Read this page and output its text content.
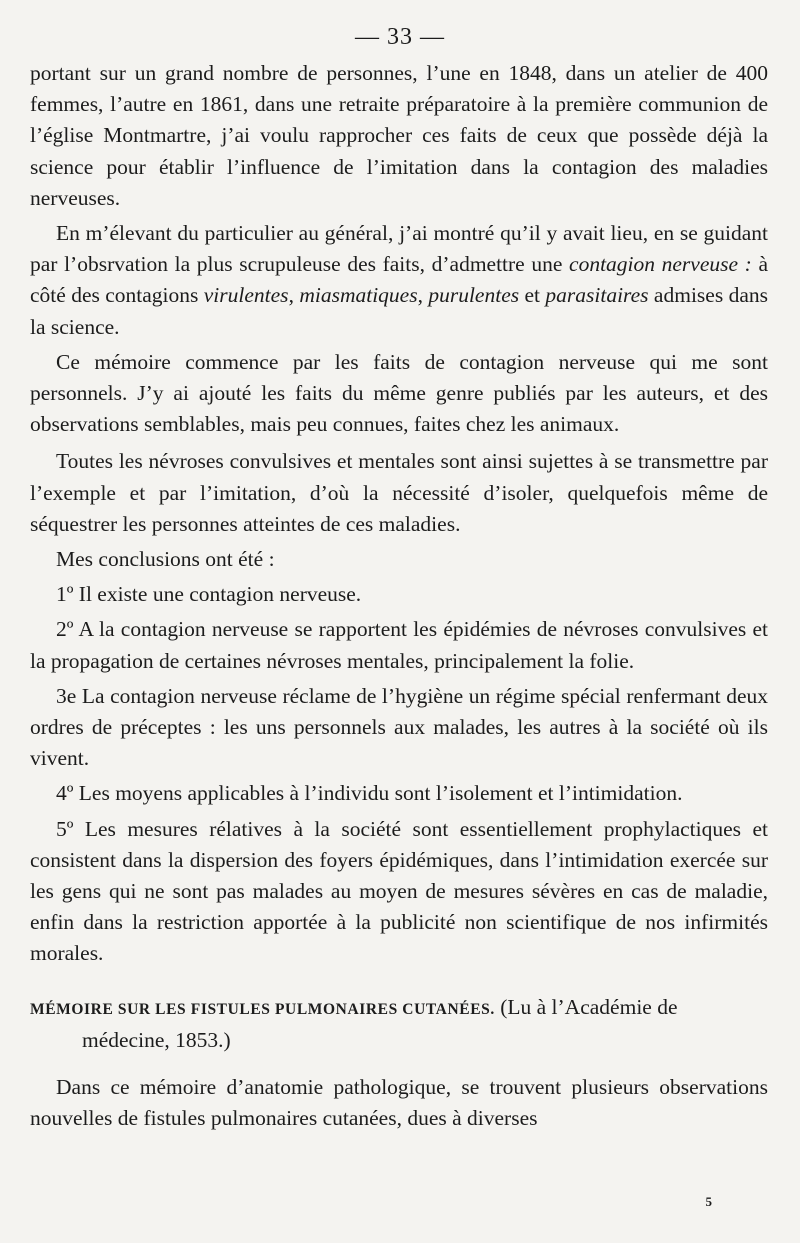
— 33 —

portant sur un grand nombre de personnes, l’une en 1848, dans un atelier de 400 femmes, l’autre en 1861, dans une retraite préparatoire à la première communion de l’église Montmartre, j’ai voulu rapprocher ces faits de ceux que possède déjà la science pour établir l’influence de l’imitation dans la contagion des maladies nerveuses.

En m’élevant du particulier au général, j’ai montré qu’il y avait lieu, en se guidant par l’obsrvation la plus scrupuleuse des faits, d’admettre une contagion nerveuse : à côté des contagions virulentes, miasmatiques, purulentes et parasitaires admises dans la science.

Ce mémoire commence par les faits de contagion nerveuse qui me sont personnels. J’y ai ajouté les faits du même genre publiés par les auteurs, et des observations semblables, mais peu connues, faites chez les animaux.

Toutes les névroses convulsives et mentales sont ainsi sujettes à se transmettre par l’exemple et par l’imitation, d’où la nécessité d’isoler, quelquefois même de séquestrer les personnes atteintes de ces maladies.

Mes conclusions ont été :

1º Il existe une contagion nerveuse.

2º A la contagion nerveuse se rapportent les épidémies de névroses convulsives et la propagation de certaines névroses mentales, principalement la folie.

3e La contagion nerveuse réclame de l’hygiène un régime spécial renfermant deux ordres de préceptes : les uns personnels aux malades, les autres à la société où ils vivent.

4º Les moyens applicables à l’individu sont l’isolement et l’intimidation.

5º Les mesures rélatives à la société sont essentiellement prophylactiques et consistent dans la dispersion des foyers épidémiques, dans l’intimidation exercée sur les gens qui ne sont pas malades au moyen de mesures sévères en cas de maladie, enfin dans la restriction apportée à la publicité non scientifique de nos infirmités morales.

MÉMOIRE SUR LES FISTULES PULMONAIRES CUTANÉES. (Lu à l’Académie de
médecine, 1853.)

Dans ce mémoire d’anatomie pathologique, se trouvent plusieurs observations nouvelles de fistules pulmonaires cutanées, dues à diverses

5
